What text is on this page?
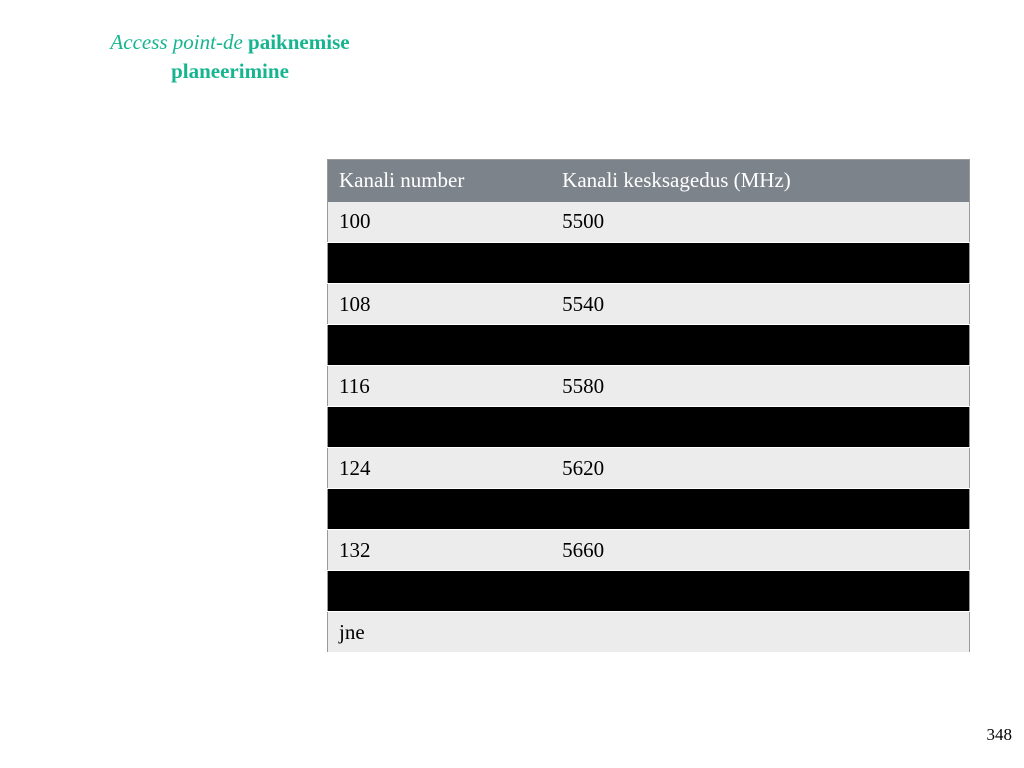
Access point-de paiknemise
planeerimine
Kanali number	Kanali kesksagedus (MHz)
100	5500

108	5540

116	5580

124	5620

132	5660

jne	
348
